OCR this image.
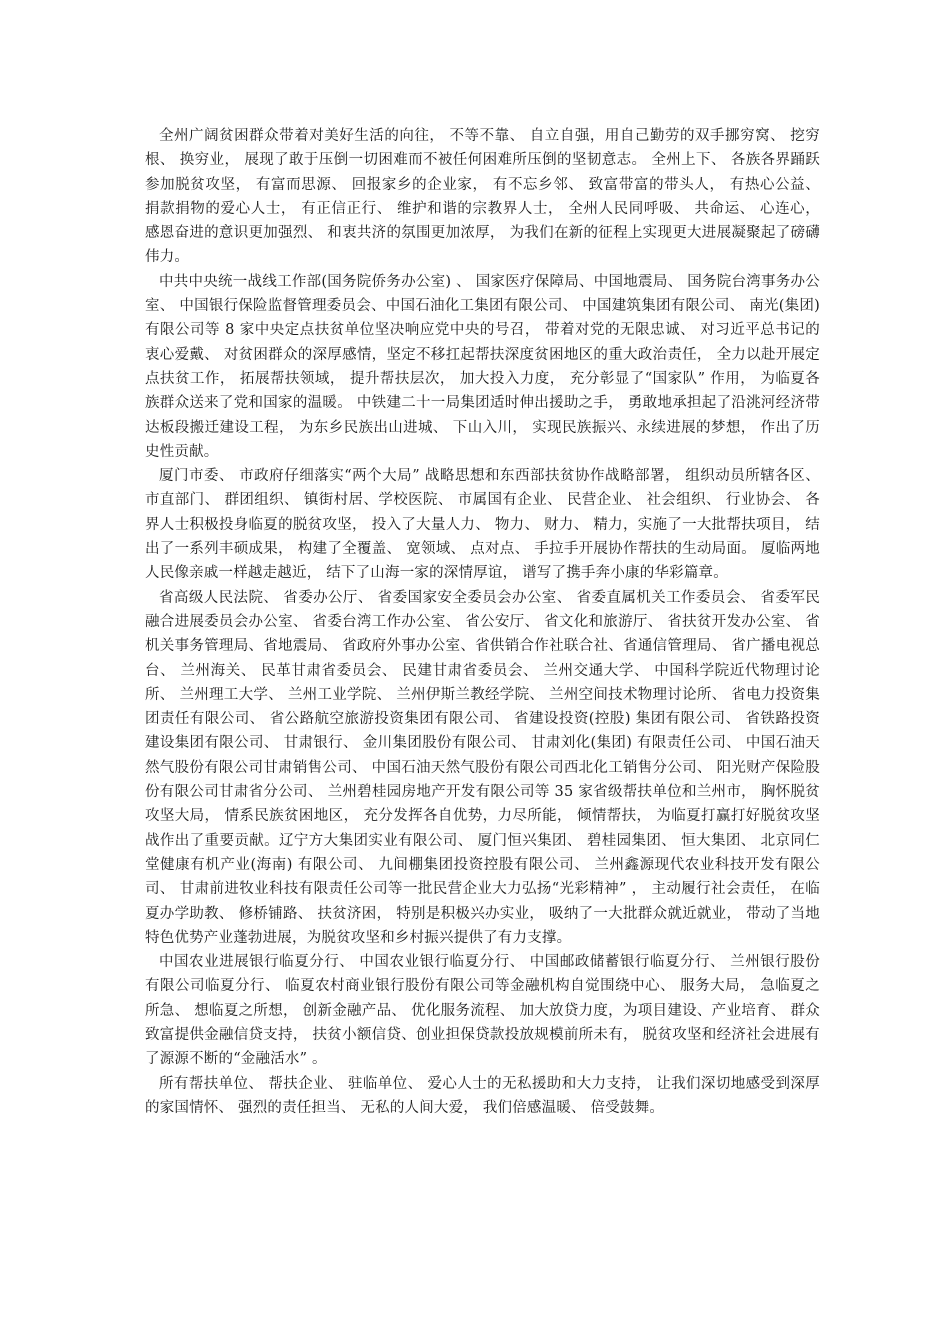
全州广阔贫困群众带着对美好生活的向往， 不等不靠、 自立自强，用自己勤劳的双手挪穷窝、 挖穷根、 换穷业， 展现了敢于压倒一切困难而不被任何困难所压倒的坚韧意志。 全州上下、 各族各界踊跃参加脱贫攻坚， 有富而思源、 回报家乡的企业家， 有不忘乡邻、 致富带富的带头人， 有热心公益、 捐款捐物的爱心人士， 有正信正行、 维护和谐的宗教界人士， 全州人民同呼吸、 共命运、 心连心， 感恩奋进的意识更加强烈、 和衷共济的氛围更加浓厚， 为我们在新的征程上实现更大进展凝聚起了磅礴伟力。

中共中央统一战线工作部(国务院侨务办公室) 、 国家医疗保障局、中国地震局、 国务院台湾事务办公室、 中国银行保险监督管理委员会、中国石油化工集团有限公司、 中国建筑集团有限公司、 南光(集团)有限公司等 8 家中央定点扶贫单位坚决响应党中央的号召， 带着对党的无限忠诚、 对习近平总书记的衷心爱戴、 对贫困群众的深厚感情，坚定不移扛起帮扶深度贫困地区的重大政治责任， 全力以赴开展定点扶贫工作， 拓展帮扶领域， 提升帮扶层次， 加大投入力度， 充分彰显了“国家队” 作用， 为临夏各族群众送来了党和国家的温暖。 中铁建二十一局集团适时伸出援助之手， 勇敢地承担起了沿洮河经济带达板段搬迁建设工程， 为东乡民族出山进城、 下山入川， 实现民族振兴、永续进展的梦想， 作出了历史性贡献。

厦门市委、 市政府仔细落实“两个大局” 战略思想和东西部扶贫协作战略部署， 组织动员所辖各区、 市直部门、 群团组织、 镇街村居、学校医院、 市属国有企业、 民营企业、 社会组织、 行业协会、 各界人士积极投身临夏的脱贫攻坚， 投入了大量人力、 物力、 财力、 精力，实施了一大批帮扶项目， 结出了一系列丰硕成果， 构建了全覆盖、 宽领域、 点对点、 手拉手开展协作帮扶的生动局面。 厦临两地人民像亲戚一样越走越近， 结下了山海一家的深情厚谊， 谱写了携手奔小康的华彩篇章。

省高级人民法院、 省委办公厅、 省委国家安全委员会办公室、 省委直属机关工作委员会、 省委军民融合进展委员会办公室、 省委台湾工作办公室、 省公安厅、 省文化和旅游厅、 省扶贫开发办公室、 省机关事务管理局、省地震局、 省政府外事办公室、省供销合作社联合社、省通信管理局、 省广播电视总台、 兰州海关、 民革甘肃省委员会、 民建甘肃省委员会、 兰州交通大学、 中国科学院近代物理讨论所、 兰州理工大学、 兰州工业学院、 兰州伊斯兰教经学院、 兰州空间技术物理讨论所、 省电力投资集团责任有限公司、 省公路航空旅游投资集团有限公司、 省建设投资(控股) 集团有限公司、 省铁路投资建设集团有限公司、 甘肃银行、 金川集团股份有限公司、 甘肃刘化(集团) 有限责任公司、 中国石油天然气股份有限公司甘肃销售公司、 中国石油天然气股份有限公司西北化工销售分公司、 阳光财产保险股份有限公司甘肃省分公司、 兰州碧桂园房地产开发有限公司等 35 家省级帮扶单位和兰州市， 胸怀脱贫攻坚大局， 情系民族贫困地区， 充分发挥各自优势，力尽所能， 倾情帮扶， 为临夏打赢打好脱贫攻坚战作出了重要贡献。辽宁方大集团实业有限公司、 厦门恒兴集团、 碧桂园集团、 恒大集团、 北京同仁堂健康有机产业(海南) 有限公司、 九间棚集团投资控股有限公司、 兰州鑫源现代农业科技开发有限公司、 甘肃前进牧业科技有限责任公司等一批民营企业大力弘扬“光彩精神” ， 主动履行社会责任， 在临夏办学助教、 修桥铺路、 扶贫济困， 特别是积极兴办实业， 吸纳了一大批群众就近就业， 带动了当地特色优势产业蓬勃进展，为脱贫攻坚和乡村振兴提供了有力支撑。

中国农业进展银行临夏分行、 中国农业银行临夏分行、 中国邮政储蓄银行临夏分行、 兰州银行股份有限公司临夏分行、 临夏农村商业银行股份有限公司等金融机构自觉围绕中心、 服务大局， 急临夏之所急、 想临夏之所想， 创新金融产品、 优化服务流程、 加大放贷力度，为项目建设、产业培育、 群众致富提供金融信贷支持， 扶贫小额信贷、创业担保贷款投放规模前所未有， 脱贫攻坚和经济社会进展有了源源不断的“金融活水” 。

所有帮扶单位、 帮扶企业、 驻临单位、 爱心人士的无私援助和大力支持， 让我们深切地感受到深厚的家国情怀、 强烈的责任担当、 无私的人间大爱， 我们倍感温暖、 倍受鼓舞。
